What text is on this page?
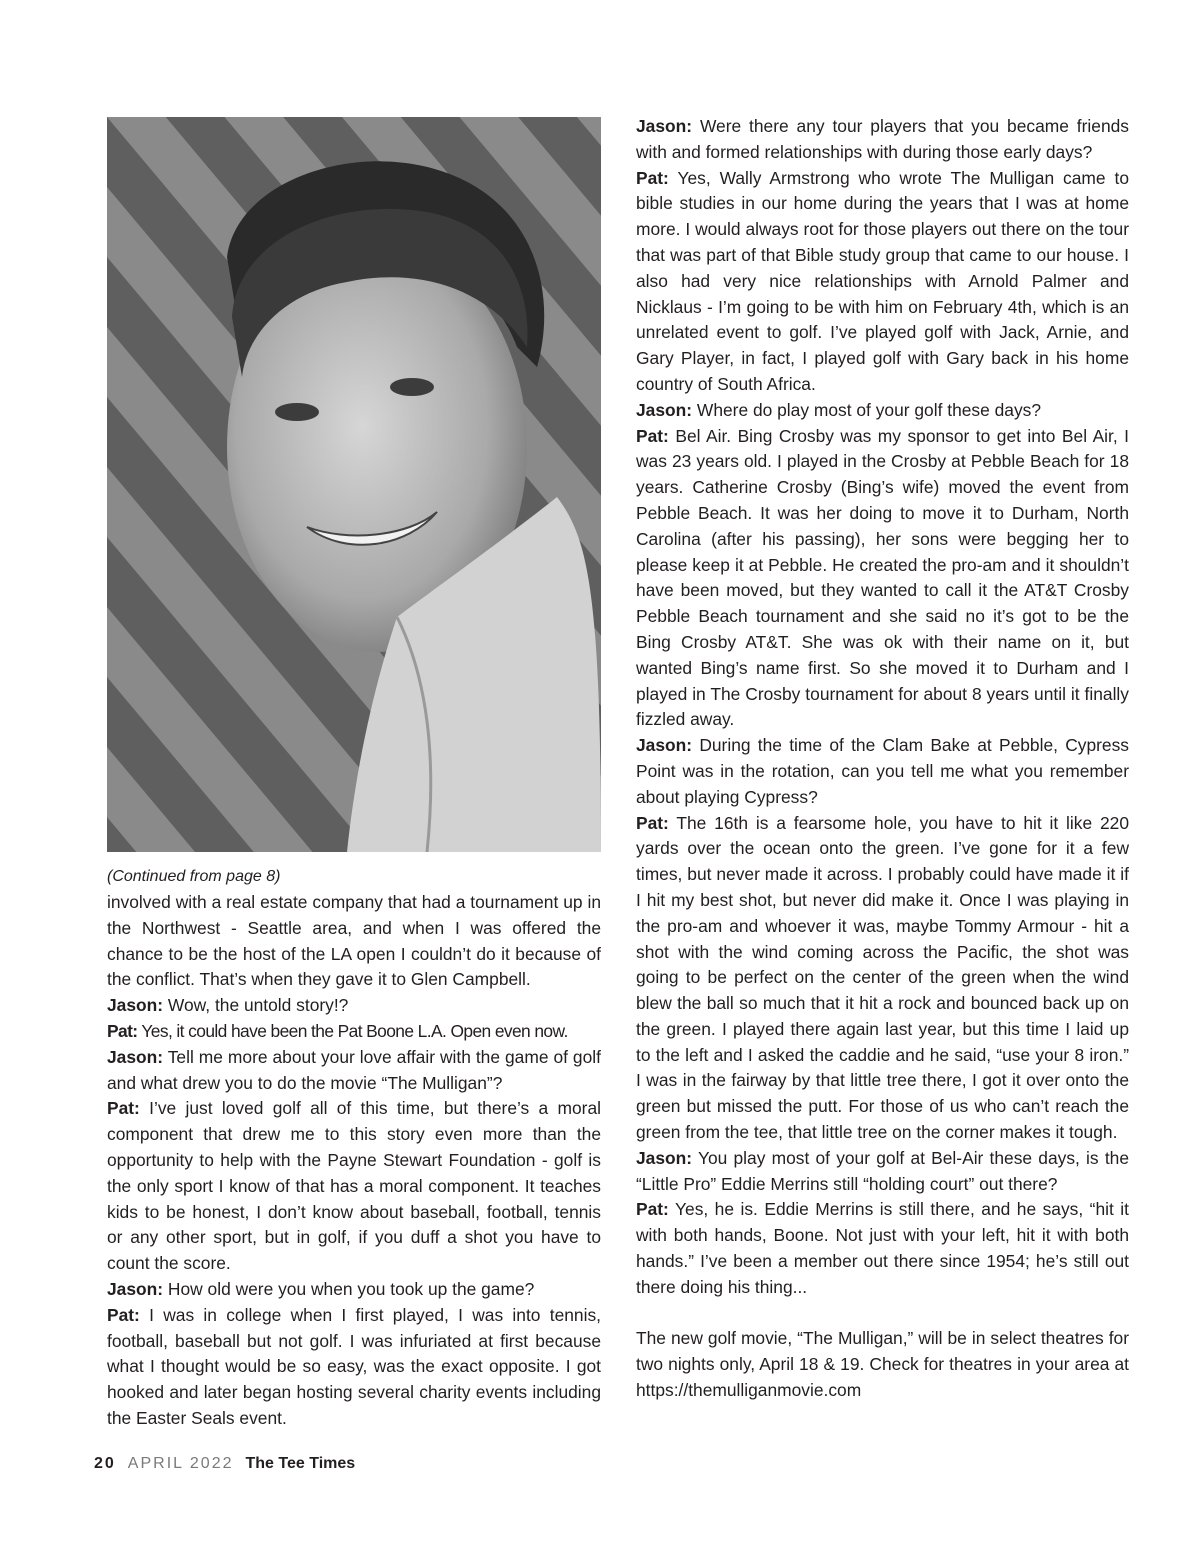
(Continued from page 8)

involved with a real estate company that had a tournament up in the Northwest - Seattle area, and when I was offered the chance to be the host of the LA open I couldn’t do it because of the conflict. That’s when they gave it to Glen Campbell.

Jason: Wow, the untold story!?

Pat: Yes, it could have been the Pat Boone L.A. Open even now.

Jason: Tell me more about your love affair with the game of golf and what drew you to do the movie “The Mulligan”?

Pat: I’ve just loved golf all of this time, but there’s a moral component that drew me to this story even more than the opportunity to help with the Payne Stewart Foundation - golf is the only sport I know of that has a moral component. It teaches kids to be honest, I don’t know about baseball, football, tennis or any other sport, but in golf, if you duff a shot you have to count the score.

Jason: How old were you when you took up the game?

Pat: I was in college when I first played, I was into tennis, football, baseball but not golf. I was infuriated at first because what I thought would be so easy, was the exact opposite. I got hooked and later began hosting several charity events including the Easter Seals event.

Jason: Were there any tour players that you became friends with and formed relationships with during those early days?

Pat: Yes, Wally Armstrong who wrote The Mulligan came to bible studies in our home during the years that I was at home more. I would always root for those players out there on the tour that was part of that Bible study group that came to our house. I also had very nice relationships with Arnold Palmer and Nicklaus - I’m going to be with him on February 4th, which is an unrelated event to golf. I’ve played golf with Jack, Arnie, and Gary Player, in fact, I played golf with Gary back in his home country of South Africa.

Jason: Where do play most of your golf these days?

Pat: Bel Air. Bing Crosby was my sponsor to get into Bel Air, I was 23 years old. I played in the Crosby at Pebble Beach for 18 years. Catherine Crosby (Bing’s wife) moved the event from Pebble Beach. It was her doing to move it to Durham, North Carolina (after his passing), her sons were begging her to please keep it at Pebble. He created the pro-am and it shouldn’t have been moved, but they wanted to call it the AT&T Crosby Pebble Beach tournament and she said no it’s got to be the Bing Crosby AT&T. She was ok with their name on it, but wanted Bing’s name first. So she moved it to Durham and I played in The Crosby tournament for about 8 years until it finally fizzled away.

Jason: During the time of the Clam Bake at Pebble, Cypress Point was in the rotation, can you tell me what you remember about playing Cypress?

Pat: The 16th is a fearsome hole, you have to hit it like 220 yards over the ocean onto the green. I’ve gone for it a few times, but never made it across. I probably could have made it if I hit my best shot, but never did make it. Once I was playing in the pro-am and whoever it was, maybe Tommy Armour - hit a shot with the wind coming across the Pacific, the shot was going to be perfect on the center of the green when the wind blew the ball so much that it hit a rock and bounced back up on the green. I played there again last year, but this time I laid up to the left and I asked the caddie and he said, “use your 8 iron.” I was in the fairway by that little tree there, I got it over onto the green but missed the putt. For those of us who can’t reach the green from the tee, that little tree on the corner makes it tough.

Jason: You play most of your golf at Bel-Air these days, is the “Little Pro” Eddie Merrins still “holding court” out there?

Pat: Yes, he is. Eddie Merrins is still there, and he says, “hit it with both hands, Boone. Not just with your left, hit it with both hands.” I’ve been a member out there since 1954; he’s still out there doing his thing...

The new golf movie, “The Mulligan,” will be in select theatres for two nights only, April 18 & 19. Check for theatres in your area at https://themulliganmovie.com

20 APRIL 2022 The Tee Times
